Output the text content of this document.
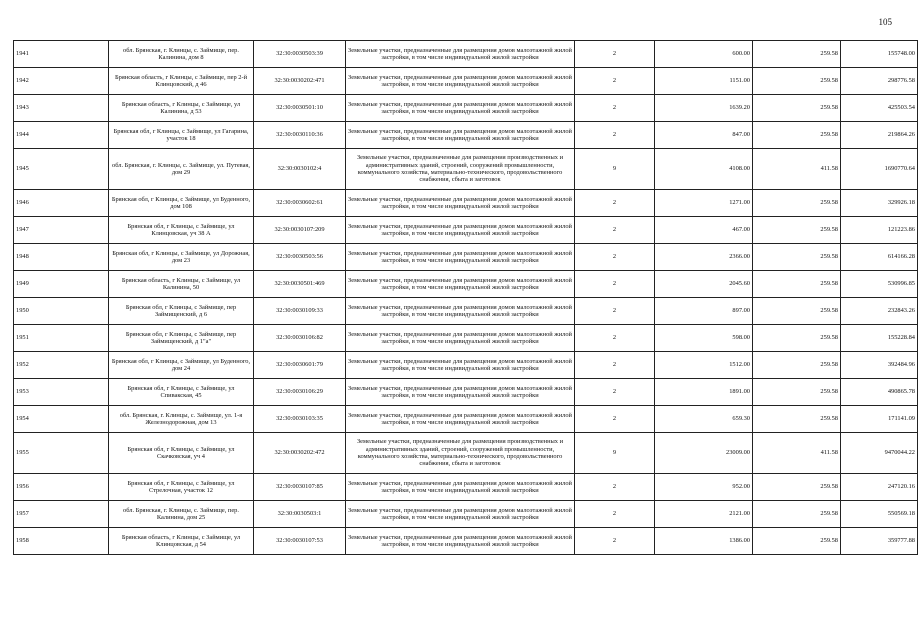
105
1941	обл. Брянская, г. Клинцы, с. Займище, пер. Калинина, дом 8	32:30:0030503:39	Земельные участки, предназначенные для размещения домов малоэтажной жилой застройки, в том числе индивидуальной жилой застройки	2	600.00	259.58	155748.00
1942	Брянская область, г Клинцы, с Займище, пер 2-й Клинцовский, д 46	32:30:0030202:471	Земельные участки, предназначенные для размещения домов малоэтажной жилой застройки, в том числе индивидуальной жилой застройки	2	1151.00	259.58	298776.58
1943	Брянская область, г Клинцы, с Займище, ул Калинина, д 53	32:30:0030501:10	Земельные участки, предназначенные для размещения домов малоэтажной жилой застройки, в том числе индивидуальной жилой застройки	2	1639.20	259.58	425503.54
1944	Брянская обл, г Клинцы, с Займище, ул Гагарина, участок 18	32:30:0030110:36	Земельные участки, предназначенные для размещения домов малоэтажной жилой застройки, в том числе индивидуальной жилой застройки	2	847.00	259.58	219864.26
1945	обл. Брянская, г. Клинцы, с. Займище, ул. Путевая, дом 29	32:30:0030102:4	Земельные участки, предназначенные для размещения производственных и административных зданий, строений, сооружений промышленности, коммунального хозяйства, материально-технического, продовольственного снабжения, сбыта и заготовок	9	4108.00	411.58	1690770.64
1946	Брянская обл, г Клинцы, с Займище, ул Буденного, дом 108	32:30:0030602:61	Земельные участки, предназначенные для размещения домов малоэтажной жилой застройки, в том числе индивидуальной жилой застройки	2	1271.00	259.58	329926.18
1947	Брянская обл, г Клинцы, с Займище, ул Клинцовская, уч 38 А	32:30:0030107:209	Земельные участки, предназначенные для размещения домов малоэтажной жилой застройки, в том числе индивидуальной жилой застройки	2	467.00	259.58	121223.86
1948	Брянская обл, г Клинцы, с Займище, ул Дорожная, дом 23	32:30:0030503:56	Земельные участки, предназначенные для размещения домов малоэтажной жилой застройки, в том числе индивидуальной жилой застройки	2	2366.00	259.58	614166.28
1949	Брянская область, г Клинцы, с Займище, ул Калинина, 50	32:30:0030501:469	Земельные участки, предназначенные для размещения домов малоэтажной жилой застройки, в том числе индивидуальной жилой застройки	2	2045.60	259.58	530996.85
1950	Брянская обл, г Клинцы, с Займище, пер Займищенский, д 6	32:30:0030109:33	Земельные участки, предназначенные для размещения домов малоэтажной жилой застройки, в том числе индивидуальной жилой застройки	2	897.00	259.58	232843.26
1951	Брянская обл, г Клинцы, с Займище, пер Займищенский, д 1"а"	32:30:0030106:82	Земельные участки, предназначенные для размещения домов малоэтажной жилой застройки, в том числе индивидуальной жилой застройки	2	598.00	259.58	155228.84
1952	Брянская обл, г Клинцы, с Займище, ул Буденного, дом 24	32:30:0030601:79	Земельные участки, предназначенные для размещения домов малоэтажной жилой застройки, в том числе индивидуальной жилой застройки	2	1512.00	259.58	392484.96
1953	Брянская обл, г Клинцы, с Займище, ул Спивакская, 45	32:30:0030106:29	Земельные участки, предназначенные для размещения домов малоэтажной жилой застройки, в том числе индивидуальной жилой застройки	2	1891.00	259.58	490865.78
1954	обл. Брянская, г. Клинцы, с. Займище, ул. 1-я Железнодорожная, дом 13	32:30:0030103:35	Земельные участки, предназначенные для размещения домов малоэтажной жилой застройки, в том числе индивидуальной жилой застройки	2	659.30	259.58	171141.09
1955	Брянская обл, г Клинцы, с Займище, ул Скачковская, уч 4	32:30:0030202:472	Земельные участки, предназначенные для размещения производственных и административных зданий, строений, сооружений промышленности, коммунального хозяйства, материально-технического, продовольственного снабжения, сбыта и заготовок	9	23009.00	411.58	9470044.22
1956	Брянская обл, г Клинцы, с Займище, ул Стрелочная, участок 12	32:30:0030107:85	Земельные участки, предназначенные для размещения домов малоэтажной жилой застройки, в том числе индивидуальной жилой застройки	2	952.00	259.58	247120.16
1957	обл. Брянская, г. Клинцы, с. Займище, пер. Калинина, дом 25	32:30:0030503:1	Земельные участки, предназначенные для размещения домов малоэтажной жилой застройки, в том числе индивидуальной жилой застройки	2	2121.00	259.58	550569.18
1958	Брянская область, г Клинцы, с Займище, ул Клинцовская, д 54	32:30:0030107:53	Земельные участки, предназначенные для размещения домов малоэтажной жилой застройки, в том числе индивидуальной жилой застройки	2	1386.00	259.58	359777.88
